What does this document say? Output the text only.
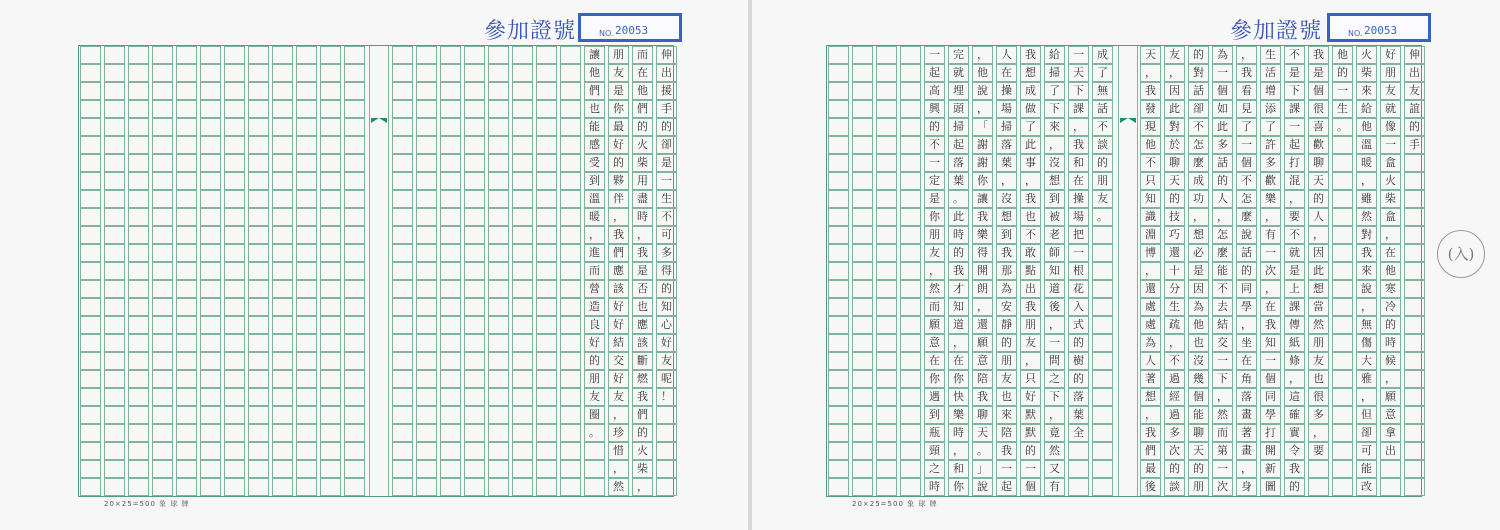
參加證號	NO. 20053
伸
出
援
手
的
卻
是
一
生
不
可
多
得
的
知
心
好
友
呢
！
而
在
他
們
的
火
柴
用
盡
時
，
我
是
否
也
應
該
斷
燃
我
們
的
火
柴
，
朋
友
是
你
最
好
的
夥
伴
，
我
們
應
該
好
好
結
交
好
友
，
珍
惜
，
然
讓
他
們
也
能
感
受
到
溫
暖
，
進
而
營
造
良
好
的
朋
友
圈
。
20×25=500 象 球 牌
參加證號	NO. 20053
伸
出
友
誼
的
手
好
朋
友
就
像
一
盒
火
柴
盒
，
在
他
寒
冷
的
時
候
，
願
意
拿
出
火
柴
來
給
他
溫
暖
，
雖
然
對
我
來
說
，
無
傷
大
雅
，
但
卻
可
能
改
他
的
一
生
。
我
是
個
很
喜
歡
聊
天
的
人
，
因
此
想
當
然
朋
友
也
很
多
，
要
不
是
下
課
一
起
打
混
，
要
不
就
是
上
課
傳
紙
條
，
這
確
實
令
我
的
生
活
增
添
了
許
多
歡
樂
，
有
一
次
，
在
我
知
一
個
同
學
打
開
新
圖
，
我
看
見
了
一
個
不
怎
麼
說
話
的
同
學
，
坐
在
角
落
畫
著
畫
，
身
為
一
個
如
此
多
話
的
人
，
怎
麼
能
不
去
結
交
一
下
，
然
而
第
一
次
的
對
話
卻
不
怎
麼
成
功
，
想
必
是
因
為
他
也
沒
幾
個
能
聊
天
的
朋
友
，
因
此
對
於
聊
天
的
技
巧
還
十
分
生
疏
，
不
過
經
過
多
次
的
談
天
，
我
發
現
他
不
只
知
識
淵
博
，
還
處
處
為
人
著
想
，
我
們
最
後
成
了
無
話
不
談
的
朋
友
。
一
天
下
課
，
我
和
在
操
場
把
一
根
花
入
式
的
樹
的
落
葉
全
給
掃
了
下
來
，
沒
想
到
被
老
師
知
道
後
，
一
問
之
下
，
竟
然
又
有
我
想
成
做
了
此
事
，
我
也
不
敢
點
出
我
朋
友
，
只
好
默
默
的
一
個
人
在
操
場
掃
落
葉
，
沒
想
到
我
那
為
安
靜
的
朋
友
也
來
陪
我
一
起
，
他
說
，
「
謝
謝
你
讓
我
樂
得
開
朗
，
還
願
意
陪
我
聊
天
。
」
說
完
就
埋
頭
掃
起
落
葉
。
此
時
的
我
才
知
道
，
在
你
快
樂
時
，
和
你
一
起
高
興
的
不
一
定
是
你
朋
友
，
然
而
願
意
在
你
遇
到
瓶
頸
之
時
20×25=500 象 球 牌
(入)
